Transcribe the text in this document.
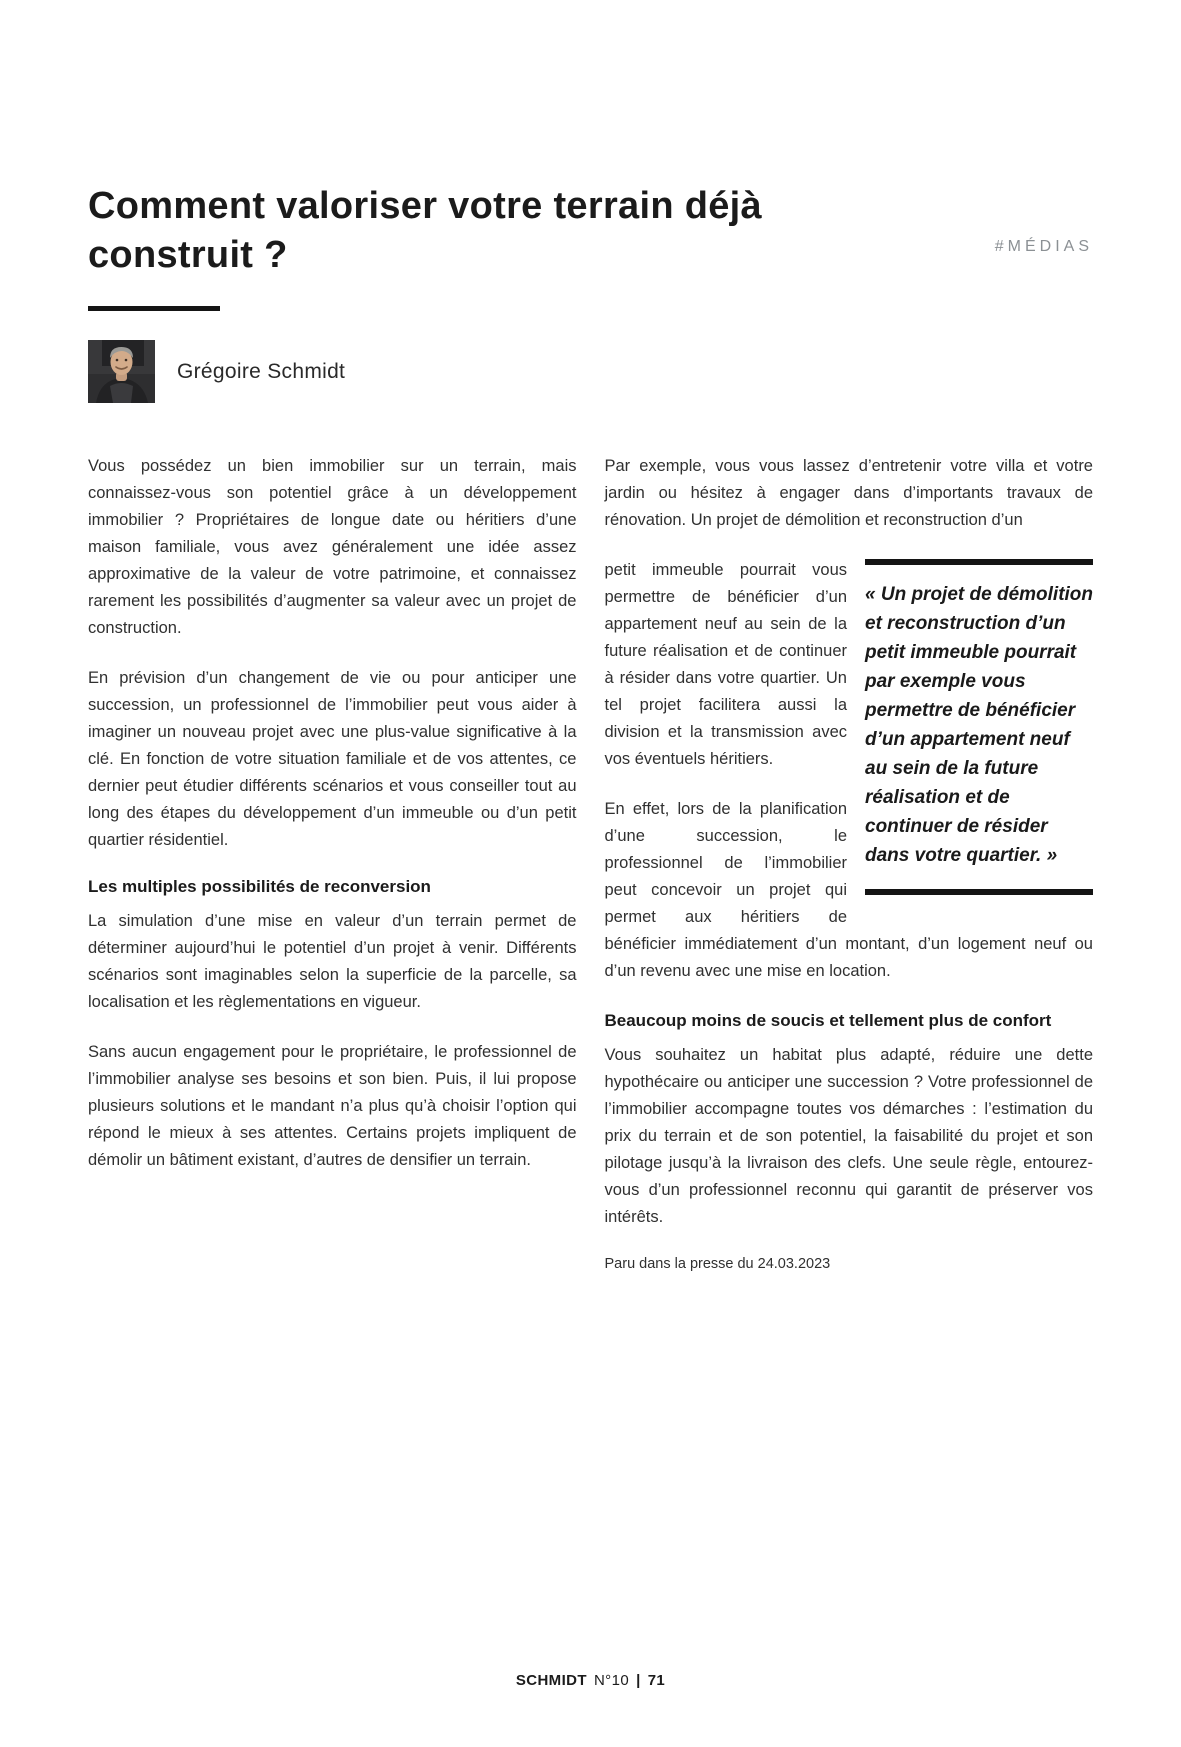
#MÉDIAS
Comment valoriser votre terrain déjà construit ?
Grégoire Schmidt

Vous possédez un bien immobilier sur un terrain, mais connaissez-vous son potentiel grâce à un développement immobilier ? Propriétaires de longue date ou héritiers d’une maison familiale, vous avez généralement une idée assez approximative de la valeur de votre patrimoine, et connaissez rarement les possibilités d’augmenter sa valeur avec un projet de construction.

En prévision d’un changement de vie ou pour anticiper une succession, un professionnel de l’immobilier peut vous aider à imaginer un nouveau projet avec une plus-value significative à la clé. En fonction de votre situation familiale et de vos attentes, ce dernier peut étudier différents scénarios et vous conseiller tout au long des étapes du développement d’un immeuble ou d’un petit quartier résidentiel.

Les multiples possibilités de reconversion

La simulation d’une mise en valeur d’un terrain permet de déterminer aujourd’hui le potentiel d’un projet à venir. Différents scénarios sont imaginables selon la superficie de la parcelle, sa localisation et les règlementations en vigueur.

Sans aucun engagement pour le propriétaire, le professionnel de l’immobilier analyse ses besoins et son bien. Puis, il lui propose plusieurs solutions et le mandant n’a plus qu’à choisir l’option qui répond le mieux à ses attentes. Certains projets impliquent de démolir un bâtiment existant, d’autres de densifier un terrain.

Par exemple, vous vous lassez d’entretenir votre villa et votre jardin ou hésitez à engager dans d’importants travaux de rénovation. Un projet de démolition et reconstruction d’un

« Un projet de démolition et reconstruction d’un petit immeuble pourrait par exemple vous permettre de bénéficier d’un appartement neuf au sein de la future réalisation et de continuer de résider dans votre quartier. »

petit immeuble pourrait vous permettre de bénéficier d’un appartement neuf au sein de la future réalisation et de continuer à résider dans votre quartier. Un tel projet facilitera aussi la division et la transmission avec vos éventuels héritiers.

En effet, lors de la planification d’une succession, le professionnel de l’immobilier peut concevoir un projet qui permet aux héritiers de bénéficier immédiatement d’un montant, d’un logement neuf ou d’un revenu avec une mise en location.

Beaucoup moins de soucis et tellement plus de confort

Vous souhaitez un habitat plus adapté, réduire une dette hypothécaire ou anticiper une succession ? Votre professionnel de l’immobilier accompagne toutes vos démarches : l’estimation du prix du terrain et de son potentiel, la faisabilité du projet et son pilotage jusqu’à la livraison des clefs. Une seule règle, entourez-vous d’un professionnel reconnu qui garantit de préserver vos intérêts.

Paru dans la presse du 24.03.2023

SCHMIDT N°10 | 71
